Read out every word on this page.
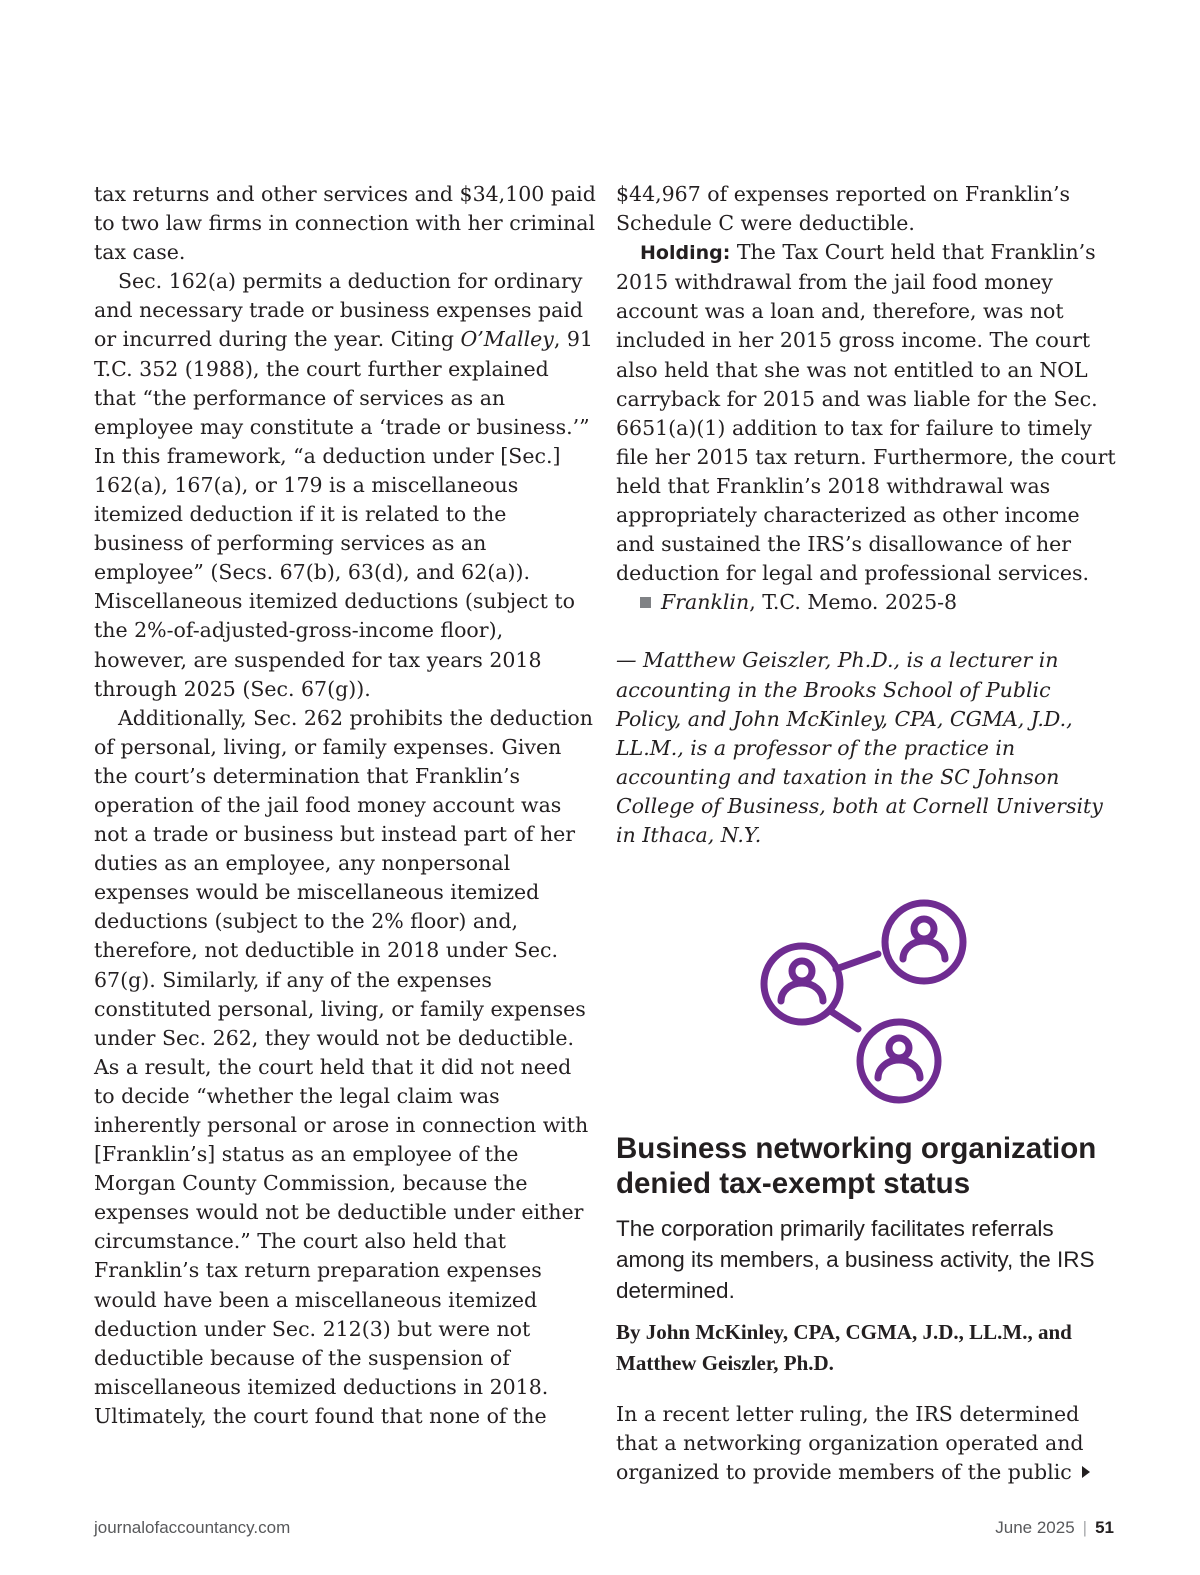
tax returns and other services and $34,100 paid to two law firms in connection with her criminal tax case.

Sec. 162(a) permits a deduction for ordinary and necessary trade or business expenses paid or incurred during the year. Citing O’Malley, 91 T.C. 352 (1988), the court further explained that “the performance of services as an employee may constitute a ‘trade or business.’” In this framework, “a deduction under [Sec.] 162(a), 167(a), or 179 is a miscellaneous itemized deduction if it is related to the business of performing services as an employee” (Secs. 67(b), 63(d), and 62(a)). Miscellaneous itemized deductions (subject to the 2%-of-adjusted-gross-income floor), however, are suspended for tax years 2018 through 2025 (Sec. 67(g)).

Additionally, Sec. 262 prohibits the deduction of personal, living, or family expenses. Given the court’s determination that Franklin’s operation of the jail food money account was not a trade or business but instead part of her duties as an employee, any nonpersonal expenses would be miscellaneous itemized deductions (subject to the 2% floor) and, therefore, not deductible in 2018 under Sec. 67(g). Similarly, if any of the expenses constituted personal, living, or family expenses under Sec. 262, they would not be deductible. As a result, the court held that it did not need to decide “whether the legal claim was inherently personal or arose in connection with [Franklin’s] status as an employee of the Morgan County Commission, because the expenses would not be deductible under either circumstance.” The court also held that Franklin’s tax return preparation expenses would have been a miscellaneous itemized deduction under Sec. 212(3) but were not deductible because of the suspension of miscellaneous itemized deductions in 2018. Ultimately, the court found that none of the

$44,967 of expenses reported on Franklin’s Schedule C were deductible.

Holding: The Tax Court held that Franklin’s 2015 withdrawal from the jail food money account was a loan and, therefore, was not included in her 2015 gross income. The court also held that she was not entitled to an NOL carryback for 2015 and was liable for the Sec. 6651(a)(1) addition to tax for failure to timely file her 2015 tax return. Furthermore, the court held that Franklin’s 2018 withdrawal was appropriately characterized as other income and sustained the IRS’s disallowance of her deduction for legal and professional services.

Franklin, T.C. Memo. 2025-8

— Matthew Geiszler, Ph.D., is a lecturer in accounting in the Brooks School of Public Policy, and John McKinley, CPA, CGMA, J.D., LL.M., is a professor of the practice in accounting and taxation in the SC Johnson College of Business, both at Cornell University in Ithaca, N.Y.

Business networking organization denied tax-exempt status

The corporation primarily facilitates referrals among its members, a business activity, the IRS determined.

By John McKinley, CPA, CGMA, J.D., LL.M., and Matthew Geiszler, Ph.D.

In a recent letter ruling, the IRS determined that a networking organization operated and organized to provide members of the public

journalofaccountancy.com	June 2025 | 51
